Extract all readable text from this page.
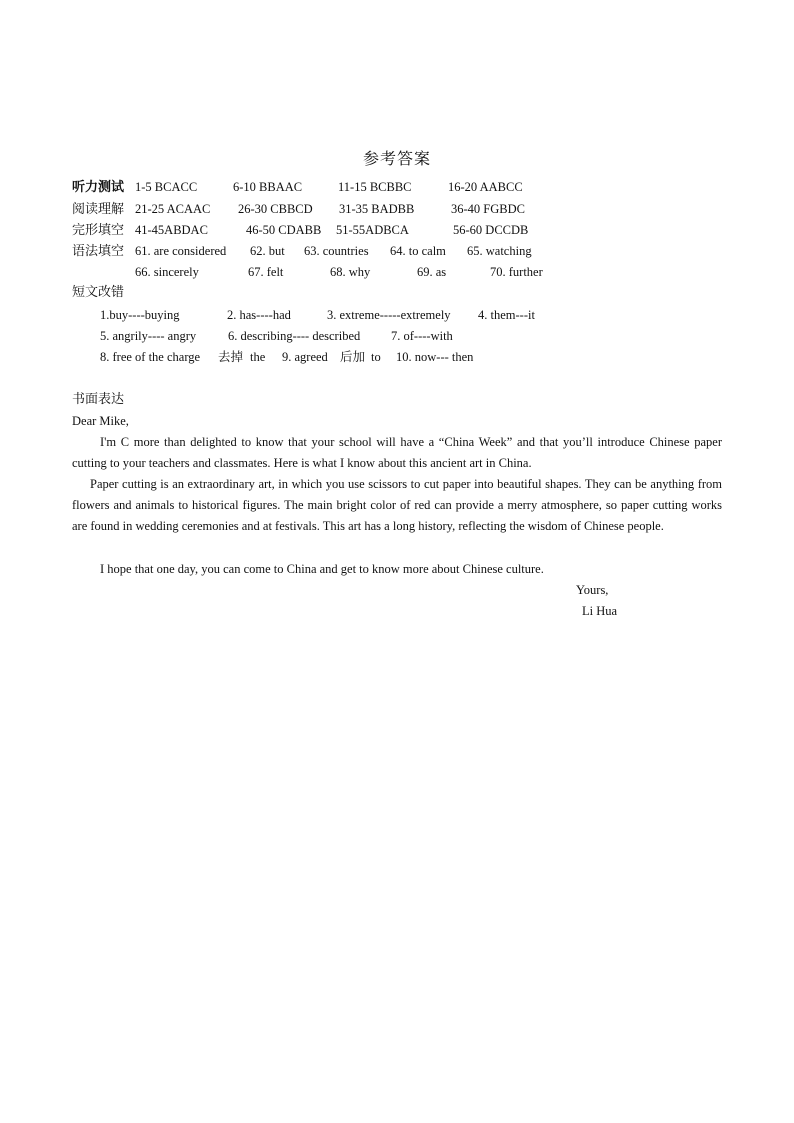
参考答案
听力测试 1-5 BCACC	6-10 BBAAC	11-15 BCBBC	16-20 AABCC
阅读理解 21-25 ACAAC 26-30 CBBCD 31-35 BADBB	36-40 FGBDC
完形填空 41-45ABDAC	46-50 CDABB 51-55ADBCA	56-60 DCCDB
语法填空 61. are considered 62. but 63. countries 64. to calm 65. watching
66. sincerely	67. felt	68. why	69. as	70. further
短文改错
1.buy----buying	2. has----had	3. extreme-----extremely 4. them---it
5. angrily---- angry	6. describing---- described 7. of----with
8. free of the charge 去掉 the 9. agreed 后加 to 10. now--- then
书面表达
Dear Mike,
I'm C more than delighted to know that your school will have a “China Week” and that you’ll introduce Chinese paper cutting to your teachers and classmates. Here is what I know about this ancient art in China.
Paper cutting is an extraordinary art, in which you use scissors to cut paper into beautiful shapes. They can be anything from flowers and animals to historical figures. The main bright color of red can provide a merry atmosphere, so paper cutting works are found in wedding ceremonies and at festivals. This art has a long history, reflecting the wisdom of Chinese people.
I hope that one day, you can come to China and get to know more about Chinese culture.
Yours,
Li Hua
